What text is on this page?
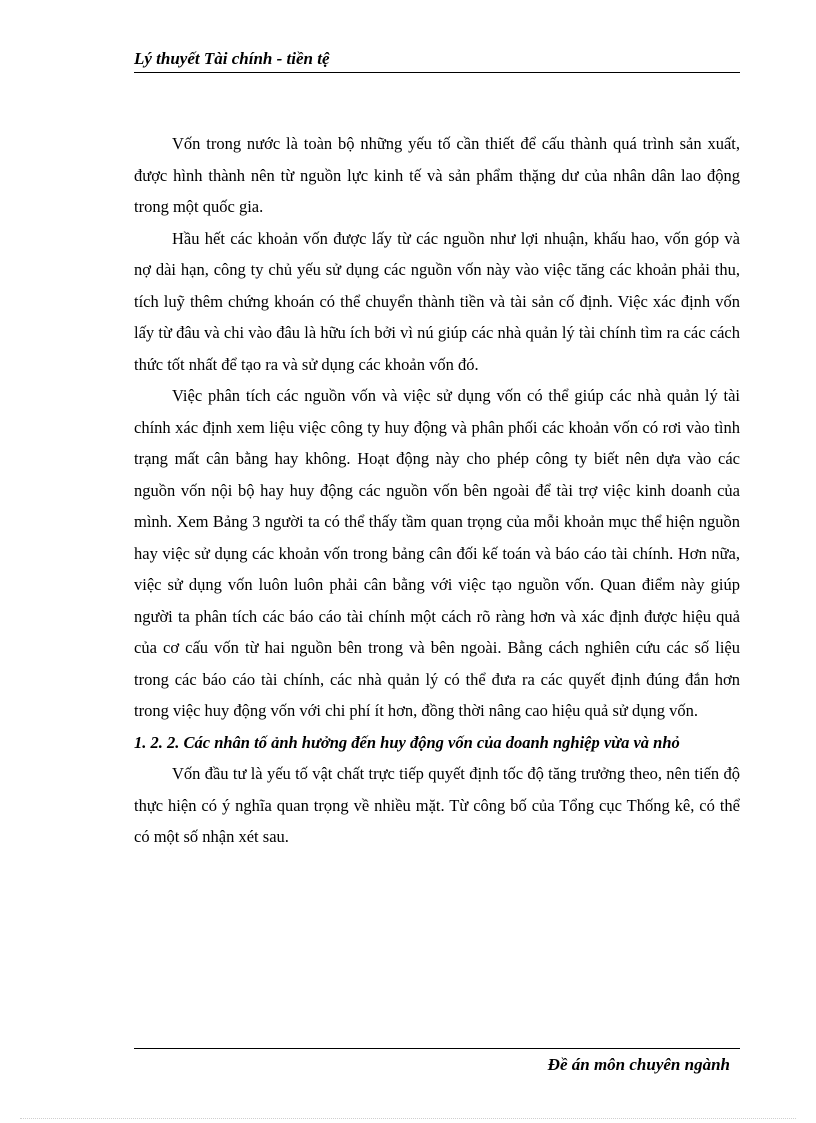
Lý thuyết Tài chính - tiền tệ

Vốn trong nước là toàn bộ những yếu tố cần thiết để cấu thành quá trình sản xuất, được hình thành nên từ nguồn lực kinh tế và sản phẩm thặng dư của nhân dân lao động trong một quốc gia.

Hầu hết các khoản vốn được lấy từ các nguồn như lợi nhuận, khấu hao, vốn góp và nợ dài hạn, công ty chủ yếu sử dụng các nguồn vốn này vào việc tăng các khoản phải thu, tích luỹ thêm chứng khoán có thể chuyển thành tiền và tài sản cố định. Việc xác định vốn lấy từ đâu và chi vào đâu là hữu ích bởi vì nú giúp các nhà quản lý tài chính tìm ra các cách thức tốt nhất để tạo ra và sử dụng các khoản vốn đó.

Việc phân tích các nguồn vốn và việc sử dụng vốn có thể giúp các nhà quản lý tài chính xác định xem liệu việc công ty huy động và phân phối các khoản vốn có rơi vào tình trạng mất cân bằng hay không. Hoạt động này cho phép công ty biết nên dựa vào các nguồn vốn nội bộ hay huy động các nguồn vốn bên ngoài để tài trợ việc kinh doanh của mình. Xem Bảng 3 người ta có thể thấy tầm quan trọng của mỗi khoản mục thể hiện nguồn hay việc sử dụng các khoản vốn trong bảng cân đối kế toán và báo cáo tài chính. Hơn nữa, việc sử dụng vốn luôn luôn phải cân bằng với việc tạo nguồn vốn. Quan điểm này giúp người ta phân tích các báo cáo tài chính một cách rõ ràng hơn và xác định được hiệu quả của cơ cấu vốn từ hai nguồn bên trong và bên ngoài. Bằng cách nghiên cứu các số liệu trong các báo cáo tài chính, các nhà quản lý có thể đưa ra các quyết định đúng đắn hơn trong việc huy động vốn với chi phí ít hơn, đồng thời nâng cao hiệu quả sử dụng vốn.

1. 2. 2. Các nhân tố ảnh hưởng đến huy động vốn của doanh nghiệp vừa và nhỏ

Vốn đầu tư là yếu tố vật chất trực tiếp quyết định tốc độ tăng trưởng theo, nên tiến độ thực hiện có ý nghĩa quan trọng về nhiều mặt. Từ công bố của Tổng cục Thống kê, có thể có một số nhận xét sau.

Đề án môn chuyên ngành
